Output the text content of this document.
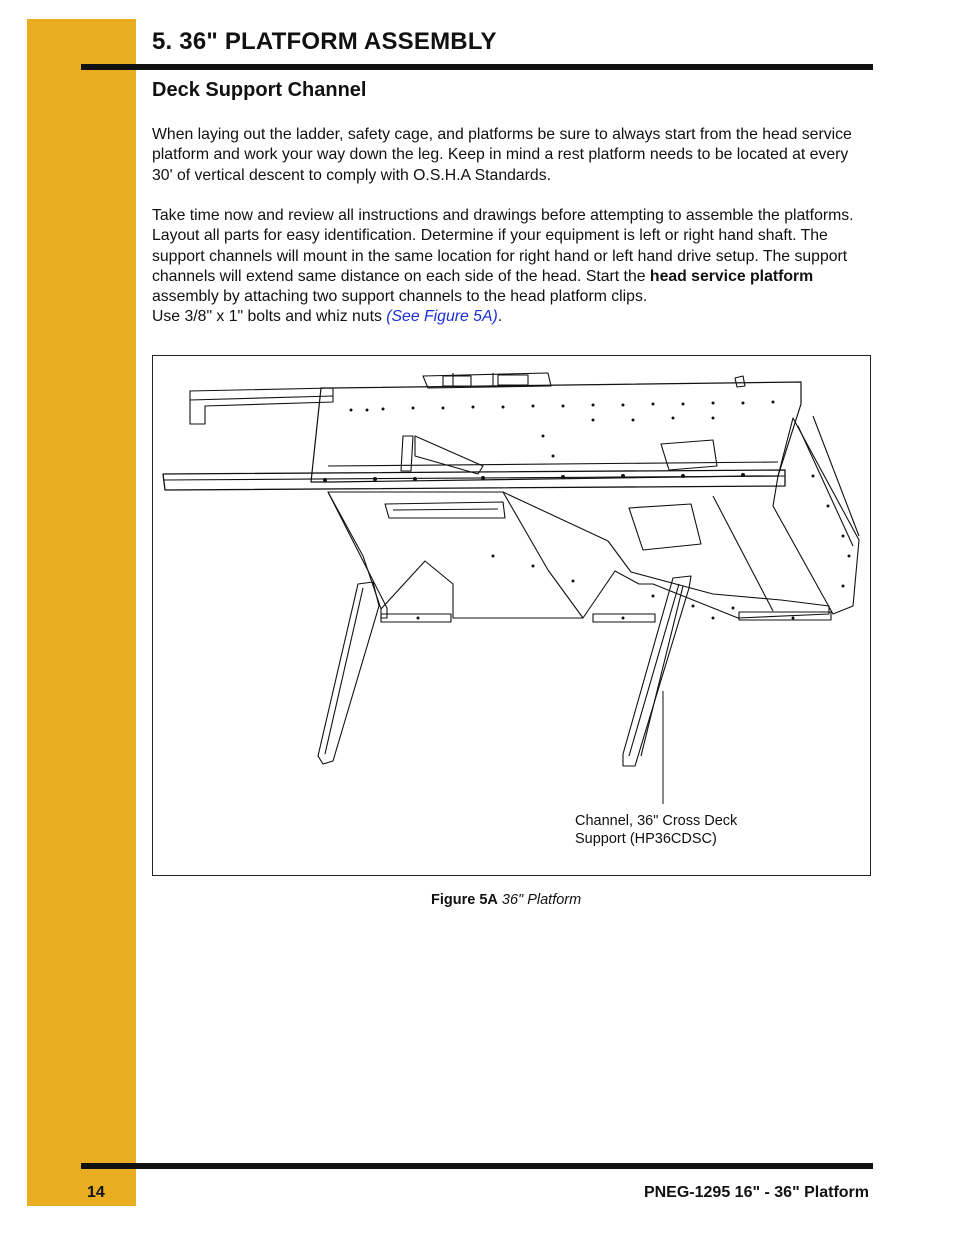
5. 36" PLATFORM ASSEMBLY
Deck Support Channel

When laying out the ladder, safety cage, and platforms be sure to always start from the head service platform and work your way down the leg. Keep in mind a rest platform needs to be located at every 30' of vertical descent to comply with O.S.H.A Standards.

Take time now and review all instructions and drawings before attempting to assemble the platforms. Layout all parts for easy identification. Determine if your equipment is left or right hand shaft. The support channels will mount in the same location for right hand or left hand drive setup. The support channels will extend same distance on each side of the head. Start the head service platform assembly by attaching two support channels to the head platform clips.
Use 3/8" x 1" bolts and whiz nuts (See Figure 5A).

Channel, 36" Cross Deck
Support (HP36CDSC)
Figure 5A 36" Platform
14	PNEG-1295 16" - 36" Platform
